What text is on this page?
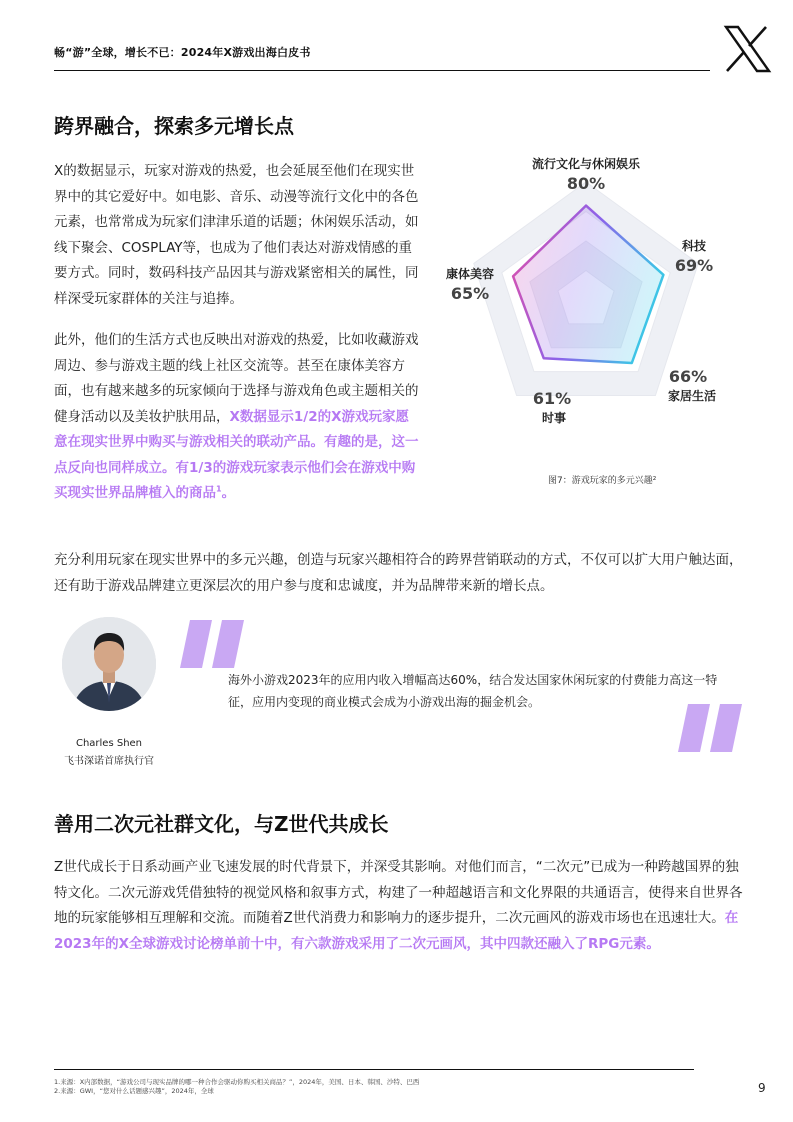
畅“游”全球，增长不已：2024年X游戏出海白皮书
跨界融合，探索多元增长点
X的数据显示，玩家对游戏的热爱，也会延展至他们在现实世界中的其它爱好中。如电影、音乐、动漫等流行文化中的各色元素，也常常成为玩家们津津乐道的话题；休闲娱乐活动，如线下聚会、COSPLAY等，也成为了他们表达对游戏情感的重要方式。同时，数码科技产品因其与游戏紧密相关的属性，同样深受玩家群体的关注与追捧。
此外，他们的生活方式也反映出对游戏的热爱，比如收藏游戏周边、参与游戏主题的线上社区交流等。甚至在康体美容方面，也有越来越多的玩家倾向于选择与游戏角色或主题相关的健身活动以及美妆护肤用品，X数据显示1/2的X游戏玩家愿意在现实世界中购买与游戏相关的联动产品。有趣的是，这一点反向也同样成立。有1/3的游戏玩家表示他们会在游戏中购买现实世界品牌植入的商品$^1$。
流行文化与休闲娱乐
80%
科技
69%
家居生活
66%
时事
61%
康体美容
65%
图7：游戏玩家的多元兴趣²
充分利用玩家在现实世界中的多元兴趣，创造与玩家兴趣相符合的跨界营销联动的方式，不仅可以扩大用户触达面，还有助于游戏品牌建立更深层次的用户参与度和忠诚度，并为品牌带来新的增长点。
Charles Shen
飞书深诺首席执行官
海外小游戏2023年的应用内收入增幅高达60%，结合发达国家休闲玩家的付费能力高这一特征，应用内变现的商业模式会成为小游戏出海的掘金机会。
善用二次元社群文化，与Z世代共成长
Z世代成长于日系动画产业飞速发展的时代背景下，并深受其影响。对他们而言，“二次元”已成为一种跨越国界的独特文化。二次元游戏凭借独特的视觉风格和叙事方式，构建了一种超越语言和文化界限的共通语言，使得来自世界各地的玩家能够相互理解和交流。而随着Z世代消费力和影响力的逐步提升，二次元画风的游戏市场也在迅速壮大。在2023年的X全球游戏讨论榜单前十中，有六款游戏采用了二次元画风，其中四款还融入了RPG元素。
1.来源：X内部数据，“游戏公司与现实品牌的哪一种合作会驱动你购买相关商品？”，2024年，美国、日本、韩国、沙特、巴西
2.来源：GWI，“您对什么话题感兴趣”，2024年，全球	9
